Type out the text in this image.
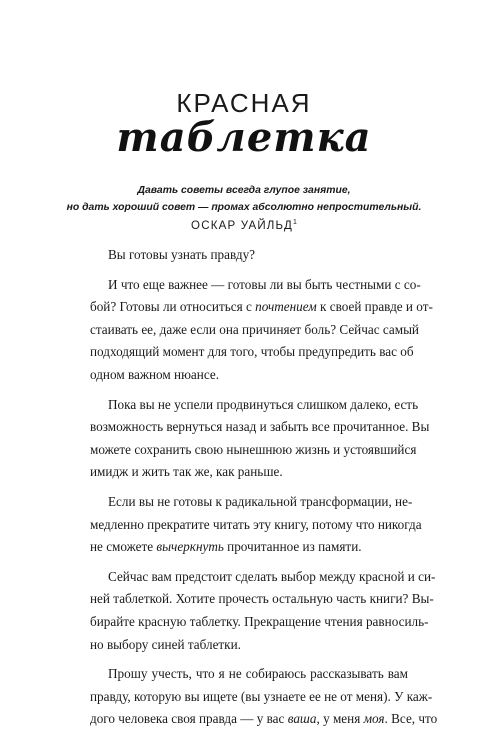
КРАСНАЯ
таблетка
Давать советы всегда глупое занятие,
но дать хороший совет — промах абсолютно непростительный.
ОСКАР УАЙЛЬД$^1$
Вы готовы узнать правду?
И что еще важнее — готовы ли вы быть честными с со-
бой? Готовы ли относиться с почтением к своей правде и от-
стаивать ее, даже если она причиняет боль? Сейчас самый
подходящий момент для того, чтобы предупредить вас об
одном важном нюансе.
Пока вы не успели продвинуться слишком далеко, есть
возможность вернуться назад и забыть все прочитанное. Вы
можете сохранить свою нынешнюю жизнь и устоявшийся
имидж и жить так же, как раньше.
Если вы не готовы к радикальной трансформации, не-
медленно прекратите читать эту книгу, потому что никогда
не сможете вычеркнуть прочитанное из памяти.
Сейчас вам предстоит сделать выбор между красной и си-
ней таблеткой. Хотите прочесть остальную часть книги? Вы-
бирайте красную таблетку. Прекращение чтения равносиль-
но выбору синей таблетки.
Прошу учесть, что я не собираюсь рассказывать вам
правду, которую вы ищете (вы узнаете ее не от меня). У каж-
дого человека своя правда — у вас ваша, у меня моя. Все, что
